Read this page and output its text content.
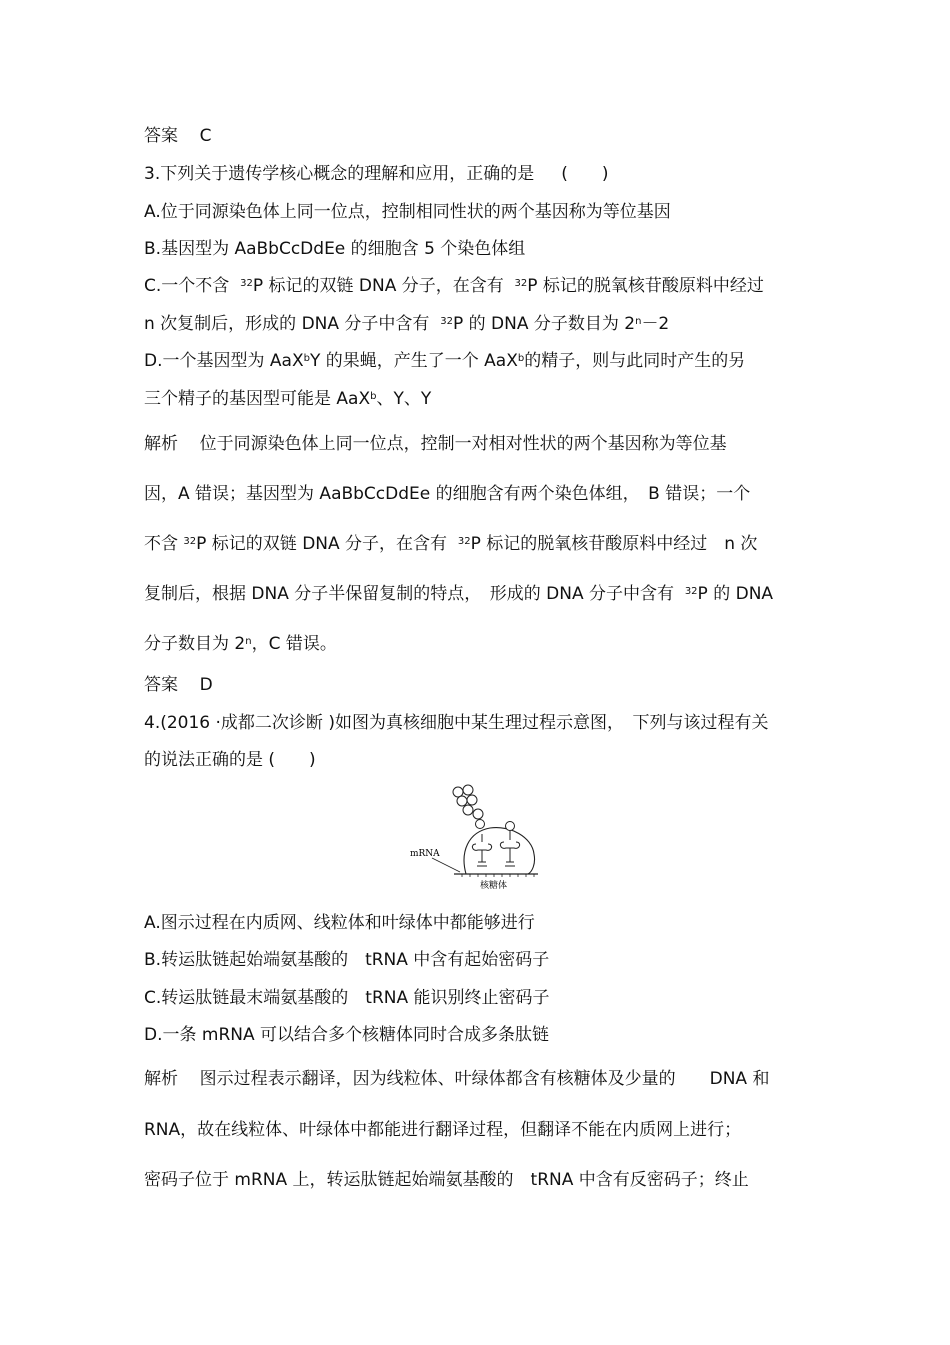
答案 C
3.下列关于遗传学核心概念的理解和应用，正确的是 (　　)
A.位于同源染色体上同一位点，控制相同性状的两个基因称为等位基因
B.基因型为 AaBbCcDdEe 的细胞含 5 个染色体组
C.一个不含 $^{32}$P 标记的双链 DNA 分子，在含有 $^{32}$P 标记的脱氧核苷酸原料中经过
n 次复制后，形成的 DNA 分子中含有 $^{32}$P 的 DNA 分子数目为 $2^n-2$
D.一个基因型为 AaX$^b$Y 的果蝇，产生了一个 AaX$^b$的精子，则与此同时产生的另
三个精子的基因型可能是 AaX$^b$、Y、Y
解析 位于同源染色体上同一位点，控制一对相对性状的两个基因称为等位基
因，A 错误；基因型为 AaBbCcDdEe 的细胞含有两个染色体组，　B 错误；一个
不含 $^{32}$P 标记的双链 DNA 分子，在含有 $^{32}$P 标记的脱氧核苷酸原料中经过　n 次
复制后，根据 DNA 分子半保留复制的特点，　形成的 DNA 分子中含有 $^{32}$P 的 DNA
分子数目为 2$^n$，C 错误。
答案 D
4.(2016 ·成都二次诊断 )如图为真核细胞中某生理过程示意图，　下列与该过程有关
的说法正确的是 (　　)
mRNA
核糖体
A.图示过程在内质网、线粒体和叶绿体中都能够进行
B.转运肽链起始端氨基酸的　tRNA 中含有起始密码子
C.转运肽链最末端氨基酸的　tRNA 能识别终止密码子
D.一条 mRNA 可以结合多个核糖体同时合成多条肽链
解析 图示过程表示翻译，因为线粒体、叶绿体都含有核糖体及少量的　　DNA 和
RNA，故在线粒体、叶绿体中都能进行翻译过程，但翻译不能在内质网上进行；
密码子位于 mRNA 上，转运肽链起始端氨基酸的　tRNA 中含有反密码子；终止
